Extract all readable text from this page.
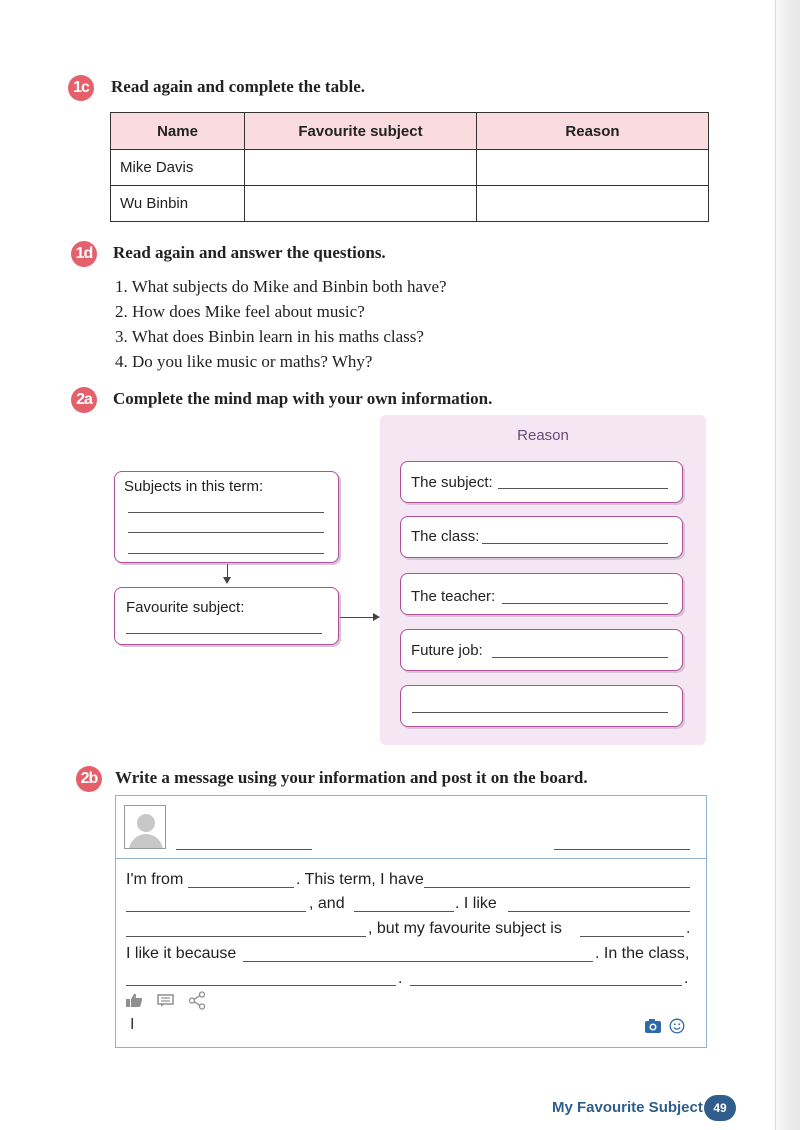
1c	Read again and complete the table.
Name	Favourite subject	Reason
Mike Davis		
Wu Binbin		
1d Read again and answer the questions.
1. What subjects do Mike and Binbin both have?
2. How does Mike feel about music?
3. What does Binbin learn in his maths class?
4. Do you like music or maths? Why?
2a	Complete the mind map with your own information.
Reason
Subjects in this term:
Favourite subject:
The subject:
The class:
The teacher:
Future job:
2b Write a message using your information and post it on the board.
I'm from	. This term, I have
, and	. I like
, but my favourite subject is	.
I like it because	. In the class,
.	.
I
My Favourite Subject 49
